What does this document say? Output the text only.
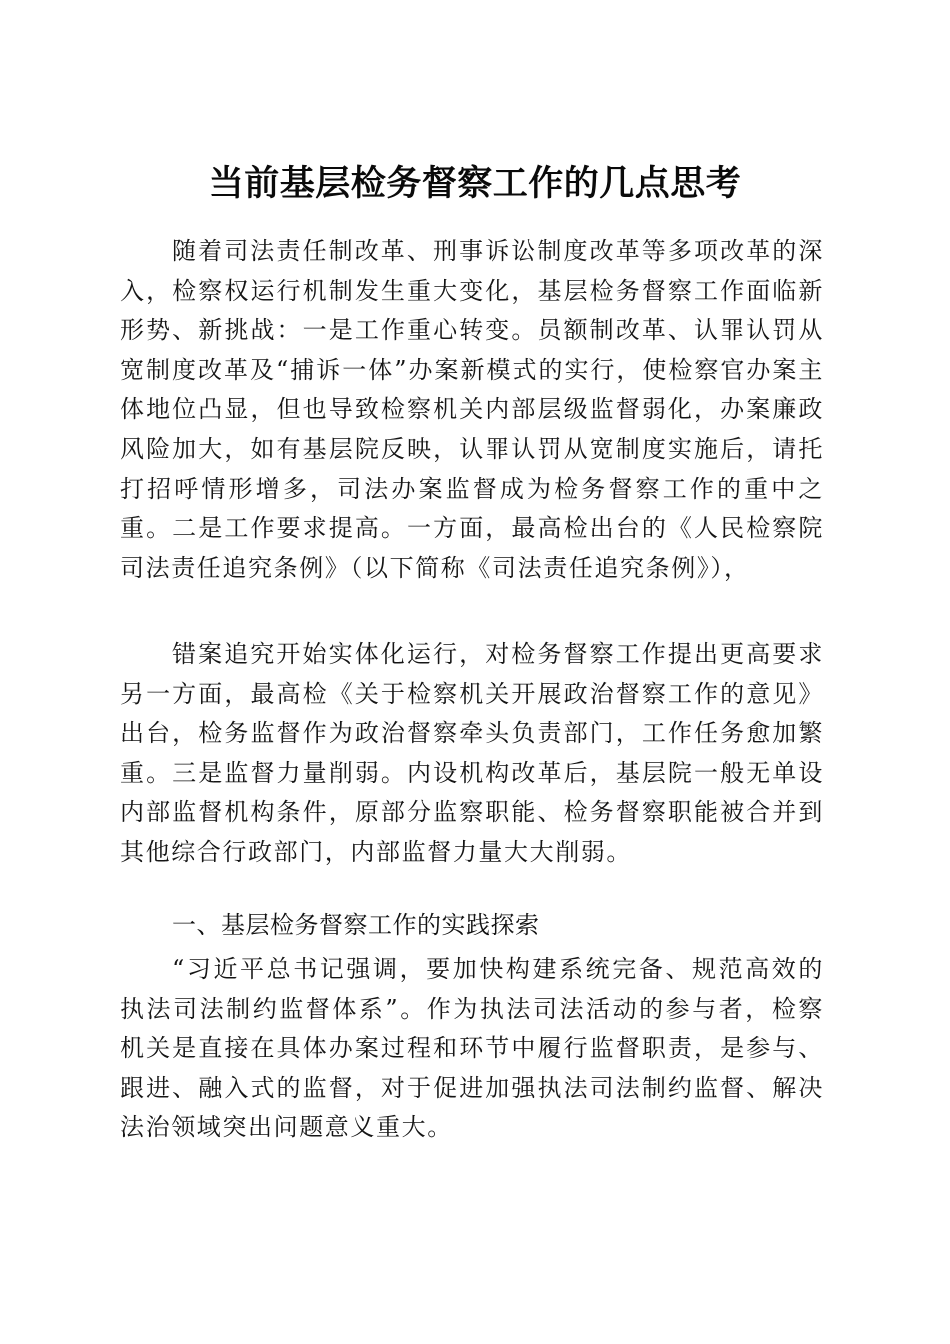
当前基层检务督察工作的几点思考

随着司法责任制改革、刑事诉讼制度改革等多项改革的深入，检察权运行机制发生重大变化，基层检务督察工作面临新形势、新挑战：一是工作重心转变。员额制改革、认罪认罚从宽制度改革及“捕诉一体”办案新模式的实行，使检察官办案主体地位凸显，但也导致检察机关内部层级监督弱化，办案廉政风险加大，如有基层院反映，认罪认罚从宽制度实施后，请托打招呼情形增多，司法办案监督成为检务督察工作的重中之重。二是工作要求提高。一方面，最高检出台的《人民检察院司法责任追究条例》（以下简称《司法责任追究条例》），

错案追究开始实体化运行，对检务督察工作提出更高要求另一方面，最高检《关于检察机关开展政治督察工作的意见》出台，检务监督作为政治督察牵头负责部门，工作任务愈加繁重。三是监督力量削弱。内设机构改革后，基层院一般无单设内部监督机构条件，原部分监察职能、检务督察职能被合并到其他综合行政部门，内部监督力量大大削弱。

一、基层检务督察工作的实践探索

“习近平总书记强调，要加快构建系统完备、规范高效的执法司法制约监督体系”。作为执法司法活动的参与者，检察机关是直接在具体办案过程和环节中履行监督职责，是参与、跟进、融入式的监督，对于促进加强执法司法制约监督、解决法治领域突出问题意义重大。
